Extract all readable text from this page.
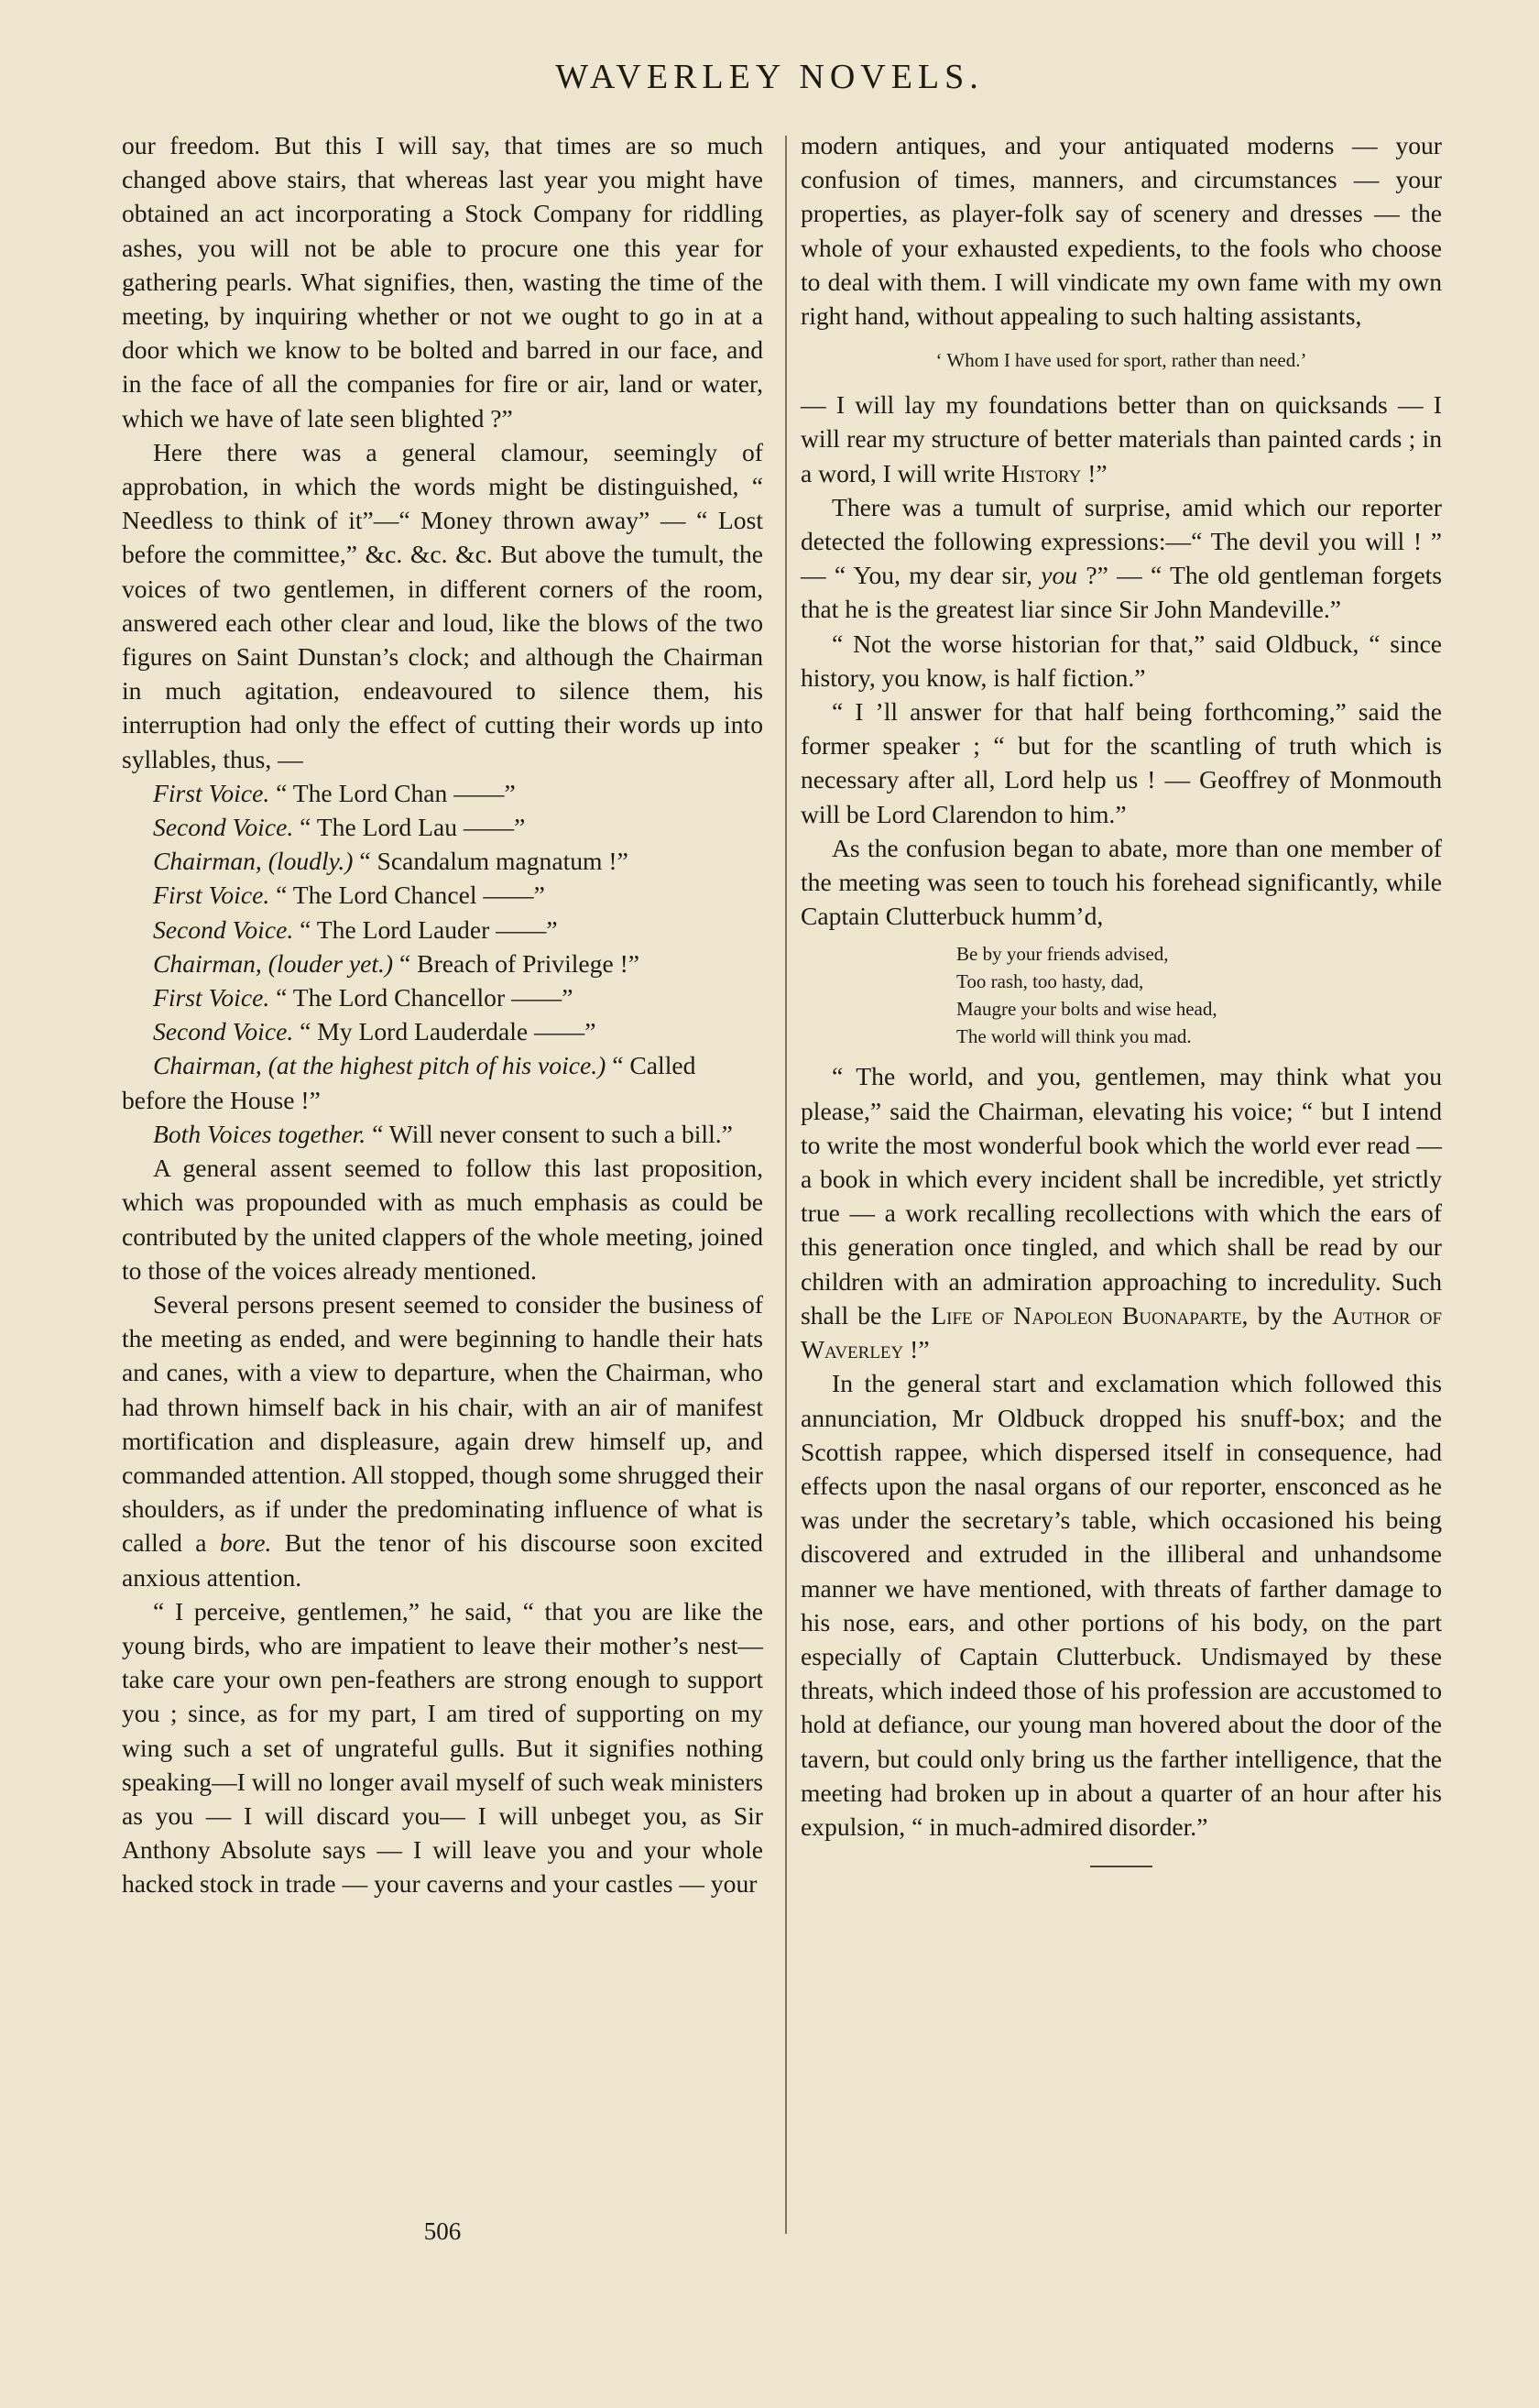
WAVERLEY NOVELS.

our freedom. But this I will say, that times are so much changed above stairs, that whereas last year you might have obtained an act incorporating a Stock Company for riddling ashes, you will not be able to procure one this year for gathering pearls. What signifies, then, wasting the time of the meeting, by inquiring whether or not we ought to go in at a door which we know to be bolted and barred in our face, and in the face of all the companies for fire or air, land or water, which we have of late seen blighted ?”

Here there was a general clamour, seemingly of approbation, in which the words might be distinguished, “ Needless to think of it”—“ Money thrown away” — “ Lost before the committee,” &c. &c. &c. But above the tumult, the voices of two gentlemen, in different corners of the room, answered each other clear and loud, like the blows of the two figures on Saint Dunstan’s clock; and although the Chairman in much agitation, endeavoured to silence them, his interruption had only the effect of cutting their words up into syllables, thus, —

First Voice. “ The Lord Chan ——”

Second Voice. “ The Lord Lau ——”

Chairman, (loudly.) “ Scandalum magnatum !”

First Voice. “ The Lord Chancel ——”

Second Voice. “ The Lord Lauder ——”

Chairman, (louder yet.) “ Breach of Privilege !”

First Voice. “ The Lord Chancellor ——”

Second Voice. “ My Lord Lauderdale ——”

Chairman, (at the highest pitch of his voice.) “ Called before the House !”

Both Voices together. “ Will never consent to such a bill.”

A general assent seemed to follow this last proposition, which was propounded with as much emphasis as could be contributed by the united clappers of the whole meeting, joined to those of the voices already mentioned.

Several persons present seemed to consider the business of the meeting as ended, and were beginning to handle their hats and canes, with a view to departure, when the Chairman, who had thrown himself back in his chair, with an air of manifest mortification and displeasure, again drew himself up, and commanded attention. All stopped, though some shrugged their shoulders, as if under the predominating influence of what is called a bore. But the tenor of his discourse soon excited anxious attention.

“ I perceive, gentlemen,” he said, “ that you are like the young birds, who are impatient to leave their mother’s nest—take care your own pen-feathers are strong enough to support you ; since, as for my part, I am tired of supporting on my wing such a set of ungrateful gulls. But it signifies nothing speaking—I will no longer avail myself of such weak ministers as you — I will discard you— I will unbeget you, as Sir Anthony Absolute says — I will leave you and your whole hacked stock in trade — your caverns and your castles — your

modern antiques, and your antiquated moderns — your confusion of times, manners, and circumstances — your properties, as player-folk say of scenery and dresses — the whole of your exhausted expedients, to the fools who choose to deal with them. I will vindicate my own fame with my own right hand, without appealing to such halting assistants,

‘ Whom I have used for sport, rather than need.’

— I will lay my foundations better than on quicksands — I will rear my structure of better materials than painted cards ; in a word, I will write History !”

There was a tumult of surprise, amid which our reporter detected the following expressions:—“ The devil you will ! ” — “ You, my dear sir, you ?” — “ The old gentleman forgets that he is the greatest liar since Sir John Mandeville.”

“ Not the worse historian for that,” said Oldbuck, “ since history, you know, is half fiction.”

“ I ’ll answer for that half being forthcoming,” said the former speaker ; “ but for the scantling of truth which is necessary after all, Lord help us ! — Geoffrey of Monmouth will be Lord Clarendon to him.”

As the confusion began to abate, more than one member of the meeting was seen to touch his forehead significantly, while Captain Clutterbuck humm’d,

Be by your friends advised,
Too rash, too hasty, dad,
Maugre your bolts and wise head,
The world will think you mad.

“ The world, and you, gentlemen, may think what you please,” said the Chairman, elevating his voice; “ but I intend to write the most wonderful book which the world ever read — a book in which every incident shall be incredible, yet strictly true — a work recalling recollections with which the ears of this generation once tingled, and which shall be read by our children with an admiration approaching to incredulity. Such shall be the Life of Napoleon Buonaparte, by the Author of Waverley !”

In the general start and exclamation which followed this annunciation, Mr Oldbuck dropped his snuff-box; and the Scottish rappee, which dispersed itself in consequence, had effects upon the nasal organs of our reporter, ensconced as he was under the secretary’s table, which occasioned his being discovered and extruded in the illiberal and unhandsome manner we have mentioned, with threats of farther damage to his nose, ears, and other portions of his body, on the part especially of Captain Clutterbuck. Undismayed by these threats, which indeed those of his profession are accustomed to hold at defiance, our young man hovered about the door of the tavern, but could only bring us the farther intelligence, that the meeting had broken up in about a quarter of an hour after his expulsion, “ in much-admired disorder.”

506
